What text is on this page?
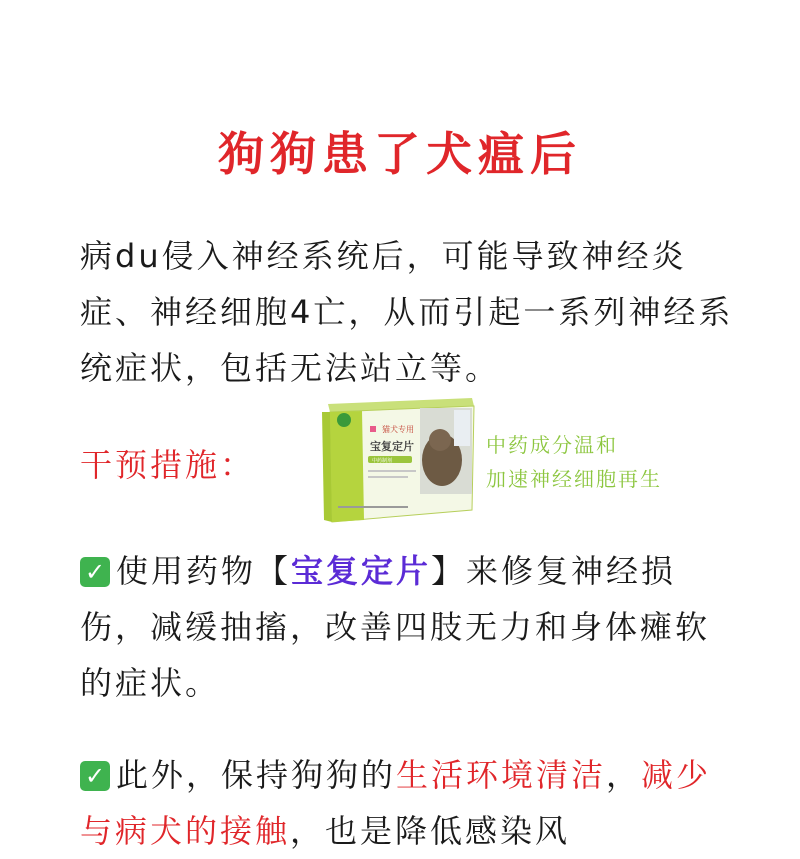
狗狗患了犬瘟后
病du侵入神经系统后，可能导致神经炎症、神经细胞4亡，从而引起一系列神经系统症状，包括无法站立等。
干预措施：
猫犬专用
宝复定片
中药制剂
中药成分温和
加速神经细胞再生
✓ 使用药物【宝复定片】来修复神经损伤，减缓抽搐，改善四肢无力和身体瘫软的症状。
✓ 此外，保持狗狗的生活环境清洁，减少与病犬的接触，也是降低感染风
